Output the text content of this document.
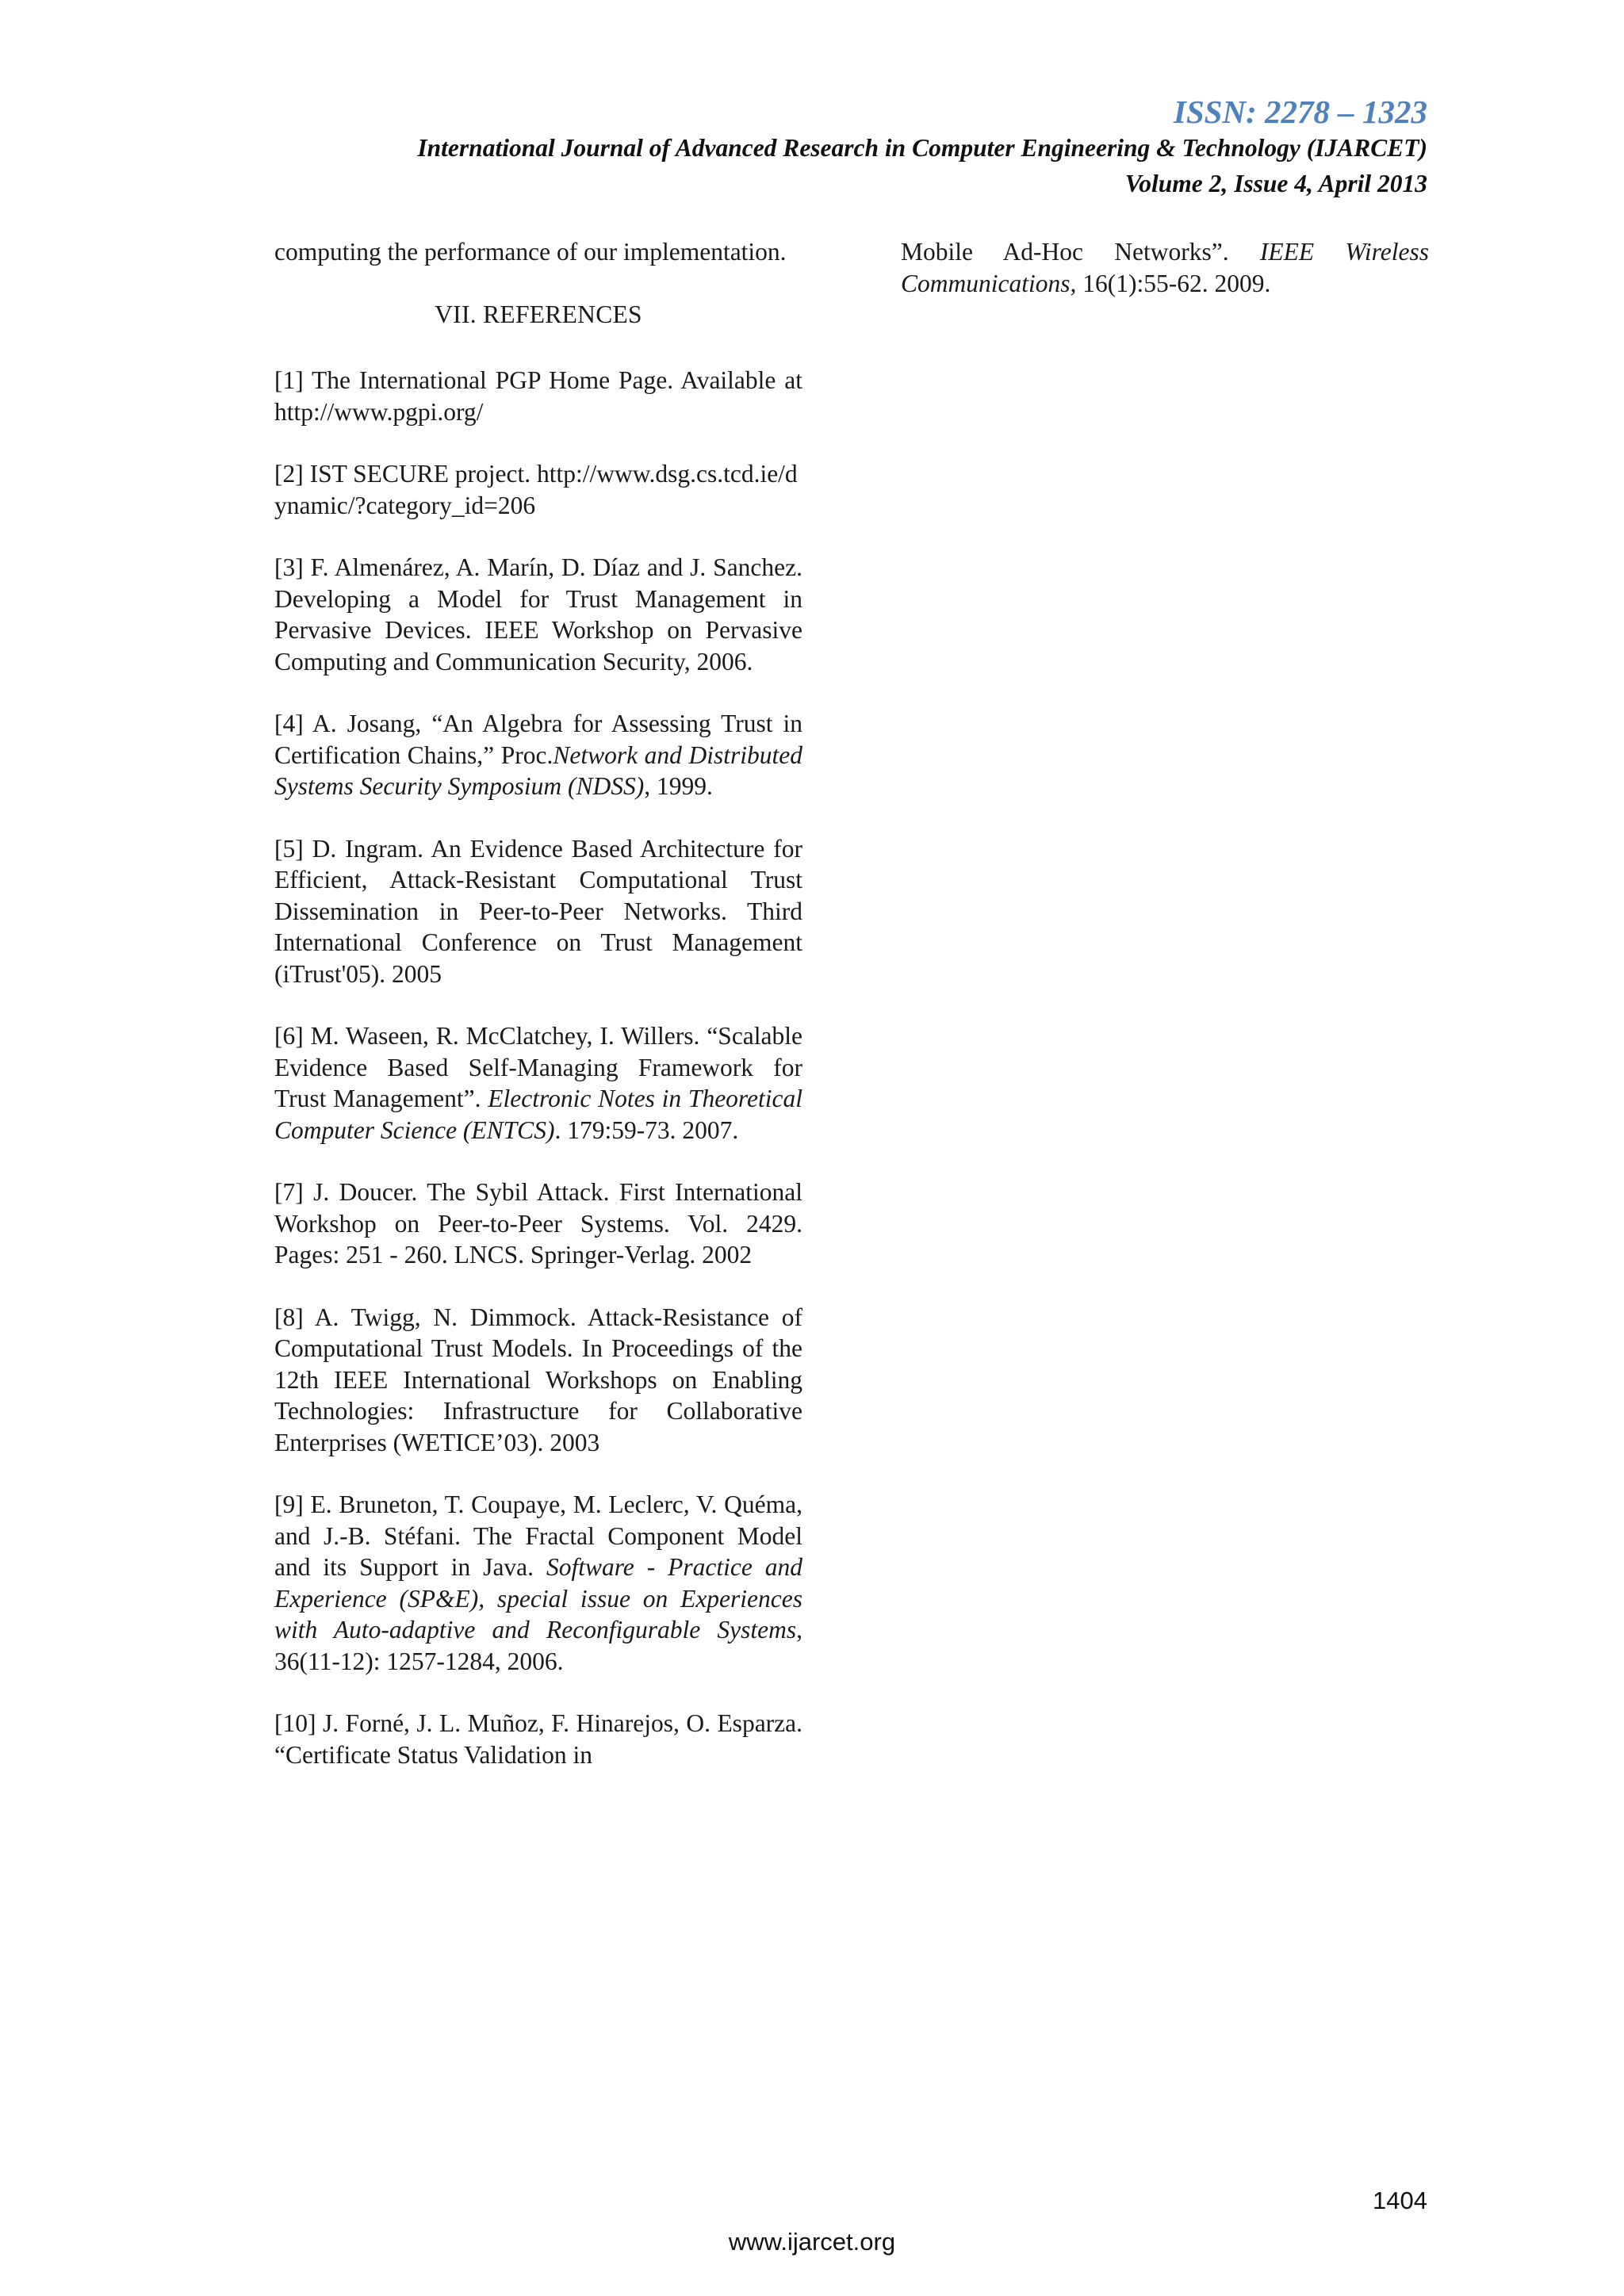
ISSN: 2278 – 1323
International Journal of Advanced Research in Computer Engineering & Technology (IJARCET)
Volume 2, Issue 4, April 2013

computing the performance of our implementation.

VII. REFERENCES

[1] The International PGP Home Page. Available at http://www.pgpi.org/

[2] IST SECURE project. http://www.dsg.cs.tcd.ie/dynamic/?category_id=206

[3] F. Almenárez, A. Marín, D. Díaz and J. Sanchez. Developing a Model for Trust Management in Pervasive Devices. IEEE Workshop on Pervasive Computing and Communication Security, 2006.

[4] A. Josang, “An Algebra for Assessing Trust in Certification Chains,” Proc.Network and Distributed Systems Security Symposium (NDSS), 1999.

[5] D. Ingram. An Evidence Based Architecture for Efficient, Attack-Resistant Computational Trust Dissemination in Peer-to-Peer Networks. Third International Conference on Trust Management (iTrust'05). 2005

[6] M. Waseen, R. McClatchey, I. Willers. “Scalable Evidence Based Self-Managing Framework for Trust Management”. Electronic Notes in Theoretical Computer Science (ENTCS). 179:59-73. 2007.

[7] J. Doucer. The Sybil Attack. First International Workshop on Peer-to-Peer Systems. Vol. 2429. Pages: 251 - 260. LNCS. Springer-Verlag. 2002

[8] A. Twigg, N. Dimmock. Attack-Resistance of Computational Trust Models. In Proceedings of the 12th IEEE International Workshops on Enabling Technologies: Infrastructure for Collaborative Enterprises (WETICE’03). 2003

[9] E. Bruneton, T. Coupaye, M. Leclerc, V. Quéma, and J.-B. Stéfani. The Fractal Component Model and its Support in Java. Software - Practice and Experience (SP&E), special issue on Experiences with Auto-adaptive and Reconfigurable Systems, 36(11-12): 1257-1284, 2006.

[10] J. Forné, J. L. Muñoz, F. Hinarejos, O. Esparza. “Certificate Status Validation in

Mobile Ad-Hoc Networks”. IEEE Wireless Communications, 16(1):55-62. 2009.

1404
www.ijarcet.org
